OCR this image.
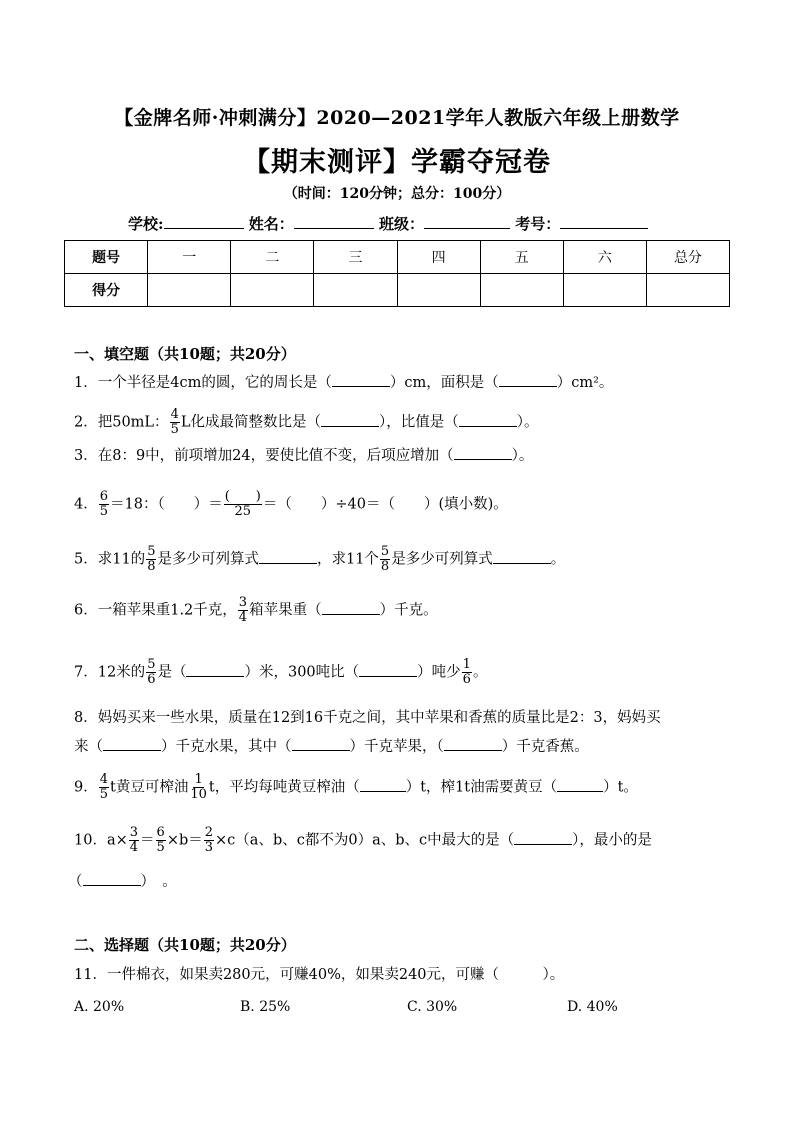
【金牌名师·冲刺满分】2020—2021学年人教版六年级上册数学
【期末测评】学霸夺冠卷
（时间：120分钟；总分：100分）
学校:	姓名：	班级：	考号：
题号	一	二	三	四	五	六	总分
得分							
一、填空题（共10题；共20分）
1．一个半径是4cm的圆，它的周长是（	）cm，面积是（	）cm²。
2．把50mL： $\frac{4}{5}$ L化成最简整数比是（	），比值是（	）。
3．在8：9中，前项增加24，要使比值不变，后项应增加（	）。
4． $\frac{6}{5} =18$：（　　）＝ $\frac{( )}{25}$ ＝（　　）÷40＝（　　）(填小数)。
5．求11的 $\frac{5}{8}$ 是多少可列算式	，求11个 $\frac{5}{8}$ 是多少可列算式	。
6．一箱苹果重1.2千克， $\frac{3}{4}$ 箱苹果重（	）千克。
7．12米的 $\frac{5}{6}$ 是（	）米，300吨比（	）吨少 $\frac{1}{6}$ 。
8．妈妈买来一些水果，质量在12到16千克之间，其中苹果和香蕉的质量比是2：3，妈妈买
来（	）千克水果，其中（	）千克苹果，（	）千克香蕉。
9． $\frac{4}{5}$ t黄豆可榨油 $\frac{1}{10}$ t，平均每吨黄豆榨油（	）t，榨1t油需要黄豆（	）t。
10．$a\times \frac{3}{4} = \frac{6}{5} \times b= \frac{2}{3} \times c(a$、b、c都不为0）a、b、c中最大的是（	），最小的是
（	）　。
二、选择题（共10题；共20分）
11．一件棉衣，如果卖280元，可赚40%，如果卖240元，可赚（　　　）。
A. 20%	B. 25%	C. 30%	D. 40%
